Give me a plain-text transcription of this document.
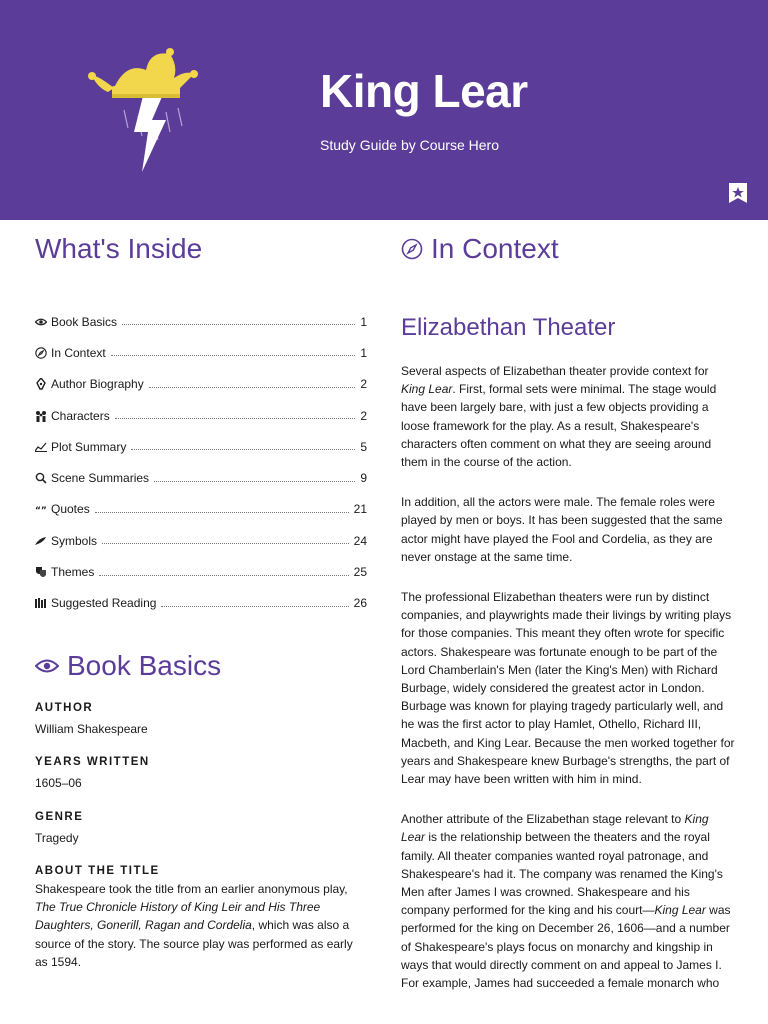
King Lear
Study Guide by Course Hero
What's Inside
Book Basics	1
In Context	1
Author Biography	2
Characters	2
Plot Summary	5
Scene Summaries	9
“” Quotes	21
Symbols	24
Themes	25
Suggested Reading	26
Book Basics
AUTHOR
William Shakespeare
YEARS WRITTEN
1605–06
GENRE
Tragedy
ABOUT THE TITLE
Shakespeare took the title from an earlier anonymous play, The True Chronicle History of King Leir and His Three Daughters, Gonerill, Ragan and Cordelia, which was also a source of the story. The source play was performed as early as 1594.
In Context
Elizabethan Theater

Several aspects of Elizabethan theater provide context for King Lear. First, formal sets were minimal. The stage would have been largely bare, with just a few objects providing a loose framework for the play. As a result, Shakespeare's characters often comment on what they are seeing around them in the course of the action.

In addition, all the actors were male. The female roles were played by men or boys. It has been suggested that the same actor might have played the Fool and Cordelia, as they are never onstage at the same time.

The professional Elizabethan theaters were run by distinct companies, and playwrights made their livings by writing plays for those companies. This meant they often wrote for specific actors. Shakespeare was fortunate enough to be part of the Lord Chamberlain's Men (later the King's Men) with Richard Burbage, widely considered the greatest actor in London. Burbage was known for playing tragedy particularly well, and he was the first actor to play Hamlet, Othello, Richard III, Macbeth, and King Lear. Because the men worked together for years and Shakespeare knew Burbage's strengths, the part of Lear may have been written with him in mind.

Another attribute of the Elizabethan stage relevant to King Lear is the relationship between the theaters and the royal family. All theater companies wanted royal patronage, and Shakespeare's had it. The company was renamed the King's Men after James I was crowned. Shakespeare and his company performed for the king and his court—King Lear was performed for the king on December 26, 1606—and a number of Shakespeare's plays focus on monarchy and kingship in ways that would directly comment on and appeal to James I. For example, James had succeeded a female monarch who
